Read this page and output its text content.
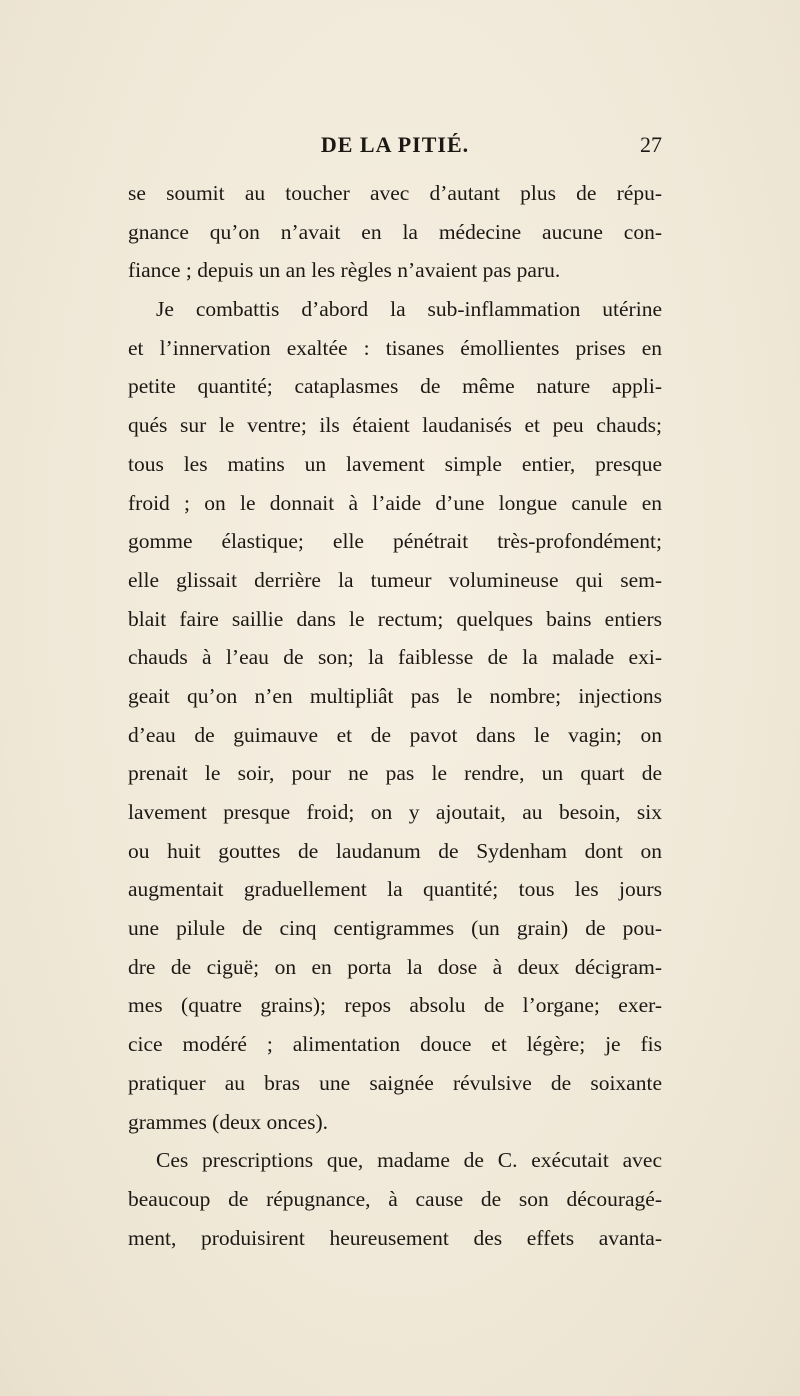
DE LA PITIÉ.	27
se soumit au toucher avec d’autant plus de répu-
gnance qu’on n’avait en la médecine aucune con-
fiance ; depuis un an les règles n’avaient pas paru.
Je combattis d’abord la sub-inflammation utérine
et l’innervation exaltée : tisanes émollientes prises en
petite quantité; cataplasmes de même nature appli-
qués sur le ventre; ils étaient laudanisés et peu chauds;
tous les matins un lavement simple entier, presque
froid ; on le donnait à l’aide d’une longue canule en
gomme élastique; elle pénétrait très-profondément;
elle glissait derrière la tumeur volumineuse qui sem-
blait faire saillie dans le rectum; quelques bains entiers
chauds à l’eau de son; la faiblesse de la malade exi-
geait qu’on n’en multipliât pas le nombre; injections
d’eau de guimauve et de pavot dans le vagin; on
prenait le soir, pour ne pas le rendre, un quart de
lavement presque froid; on y ajoutait, au besoin, six
ou huit gouttes de laudanum de Sydenham dont on
augmentait graduellement la quantité; tous les jours
une pilule de cinq centigrammes (un grain) de pou-
dre de ciguë; on en porta la dose à deux décigram-
mes (quatre grains); repos absolu de l’organe; exer-
cice modéré ; alimentation douce et légère; je fis
pratiquer au bras une saignée révulsive de soixante
grammes (deux onces).
Ces prescriptions que, madame de C. exécutait avec
beaucoup de répugnance, à cause de son découragé-
ment, produisirent heureusement des effets avanta-
